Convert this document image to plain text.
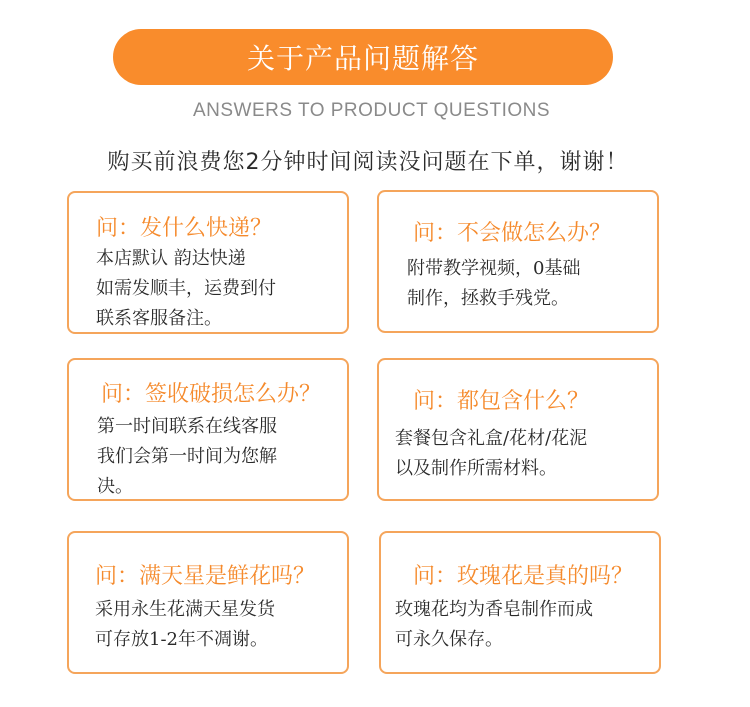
关于产品问题解答
ANSWERS TO PRODUCT QUESTIONS
购买前浪费您2分钟时间阅读没问题在下单，谢谢！
问：发什么快递？
本店默认 韵达快递
如需发顺丰，运费到付
联系客服备注。
问：不会做怎么办？
附带教学视频，0基础
制作，拯救手残党。
问：签收破损怎么办？
第一时间联系在线客服
我们会第一时间为您解
决。
问：都包含什么？
套餐包含礼盒/花材/花泥
以及制作所需材料。
问：满天星是鲜花吗？
采用永生花满天星发货
可存放1-2年不凋谢。
问：玫瑰花是真的吗？
玫瑰花均为香皂制作而成
可永久保存。
